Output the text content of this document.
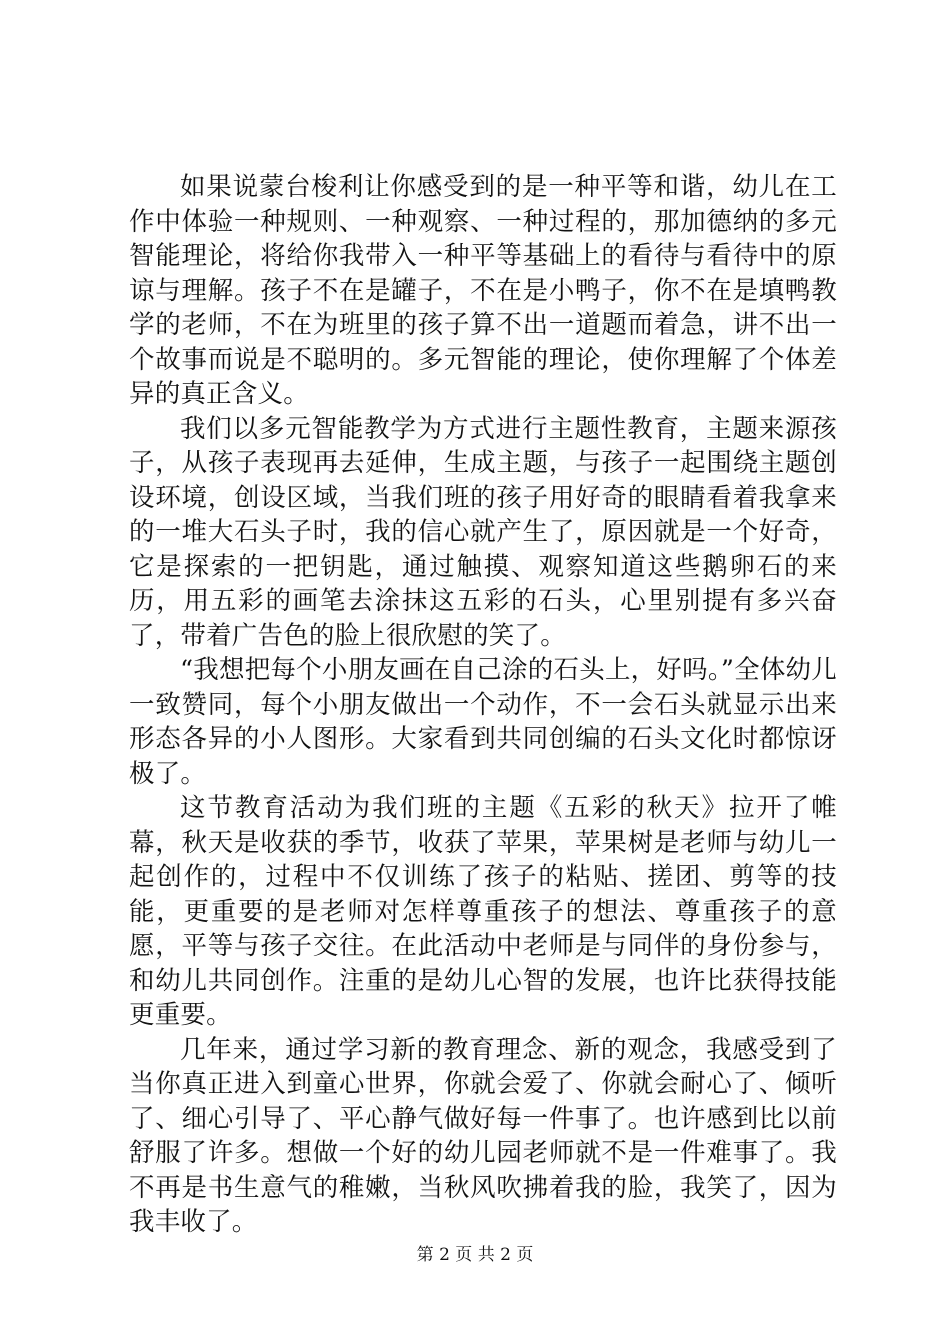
如果说蒙台梭利让你感受到的是一种平等和谐，幼儿在工作中体验一种规则、一种观察、一种过程的，那加德纳的多元智能理论，将给你我带入一种平等基础上的看待与看待中的原谅与理解。孩子不在是罐子，不在是小鸭子，你不在是填鸭教学的老师，不在为班里的孩子算不出一道题而着急，讲不出一个故事而说是不聪明的。多元智能的理论，使你理解了个体差异的真正含义。

我们以多元智能教学为方式进行主题性教育，主题来源孩子，从孩子表现再去延伸，生成主题，与孩子一起围绕主题创设环境，创设区域，当我们班的孩子用好奇的眼睛看着我拿来的一堆大石头子时，我的信心就产生了，原因就是一个好奇，它是探索的一把钥匙，通过触摸、观察知道这些鹅卵石的来历，用五彩的画笔去涂抹这五彩的石头，心里别提有多兴奋了，带着广告色的脸上很欣慰的笑了。

“我想把每个小朋友画在自己涂的石头上，好吗。”全体幼儿一致赞同，每个小朋友做出一个动作，不一会石头就显示出来形态各异的小人图形。大家看到共同创编的石头文化时都惊讶极了。

这节教育活动为我们班的主题《五彩的秋天》拉开了帷幕，秋天是收获的季节，收获了苹果，苹果树是老师与幼儿一起创作的，过程中不仅训练了孩子的粘贴、搓团、剪等的技能，更重要的是老师对怎样尊重孩子的想法、尊重孩子的意愿，平等与孩子交往。在此活动中老师是与同伴的身份参与，和幼儿共同创作。注重的是幼儿心智的发展，也许比获得技能更重要。

几年来，通过学习新的教育理念、新的观念，我感受到了当你真正进入到童心世界，你就会爱了、你就会耐心了、倾听了、细心引导了、平心静气做好每一件事了。也许感到比以前舒服了许多。想做一个好的幼儿园老师就不是一件难事了。我不再是书生意气的稚嫩，当秋风吹拂着我的脸，我笑了，因为我丰收了。

第 2 页 共 2 页
